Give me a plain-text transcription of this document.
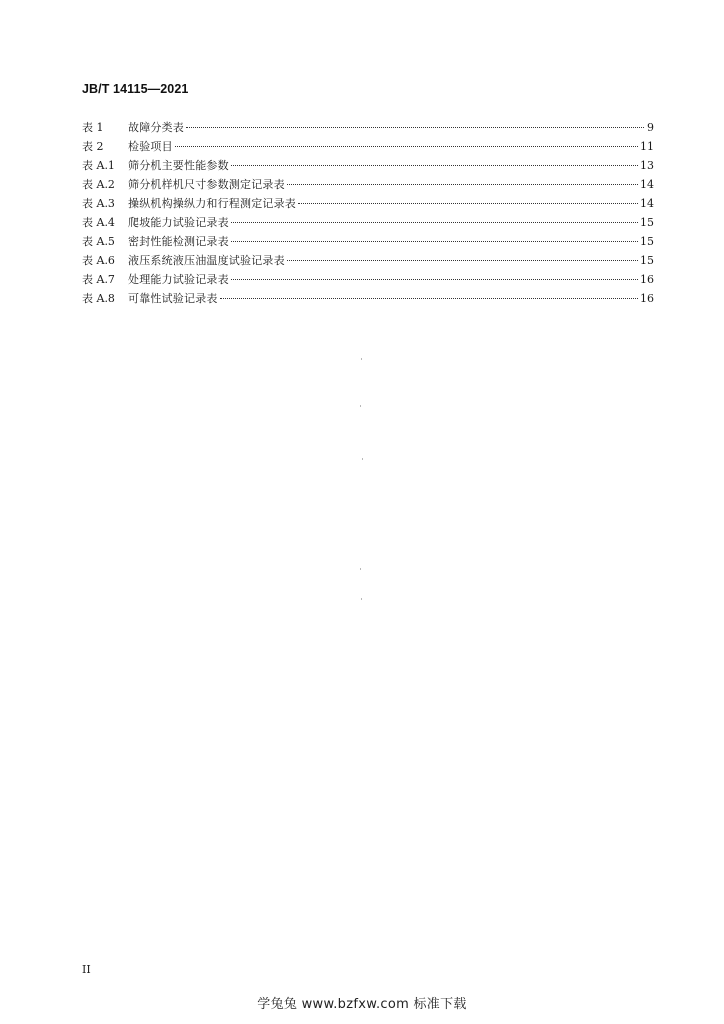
JB/T 14115—2021
表 1	故障分类表	9
表 2	检验项目	11
表 A.1	筛分机主要性能参数	13
表 A.2	筛分机样机尺寸参数测定记录表	14
表 A.3	操纵机构操纵力和行程测定记录表	14
表 A.4	爬坡能力试验记录表	15
表 A.5	密封性能检测记录表	15
表 A.6	液压系统液压油温度试验记录表	15
表 A.7	处理能力试验记录表	16
表 A.8	可靠性试验记录表	16
II
学兔兔 www.bzfxw.com 标准下载
